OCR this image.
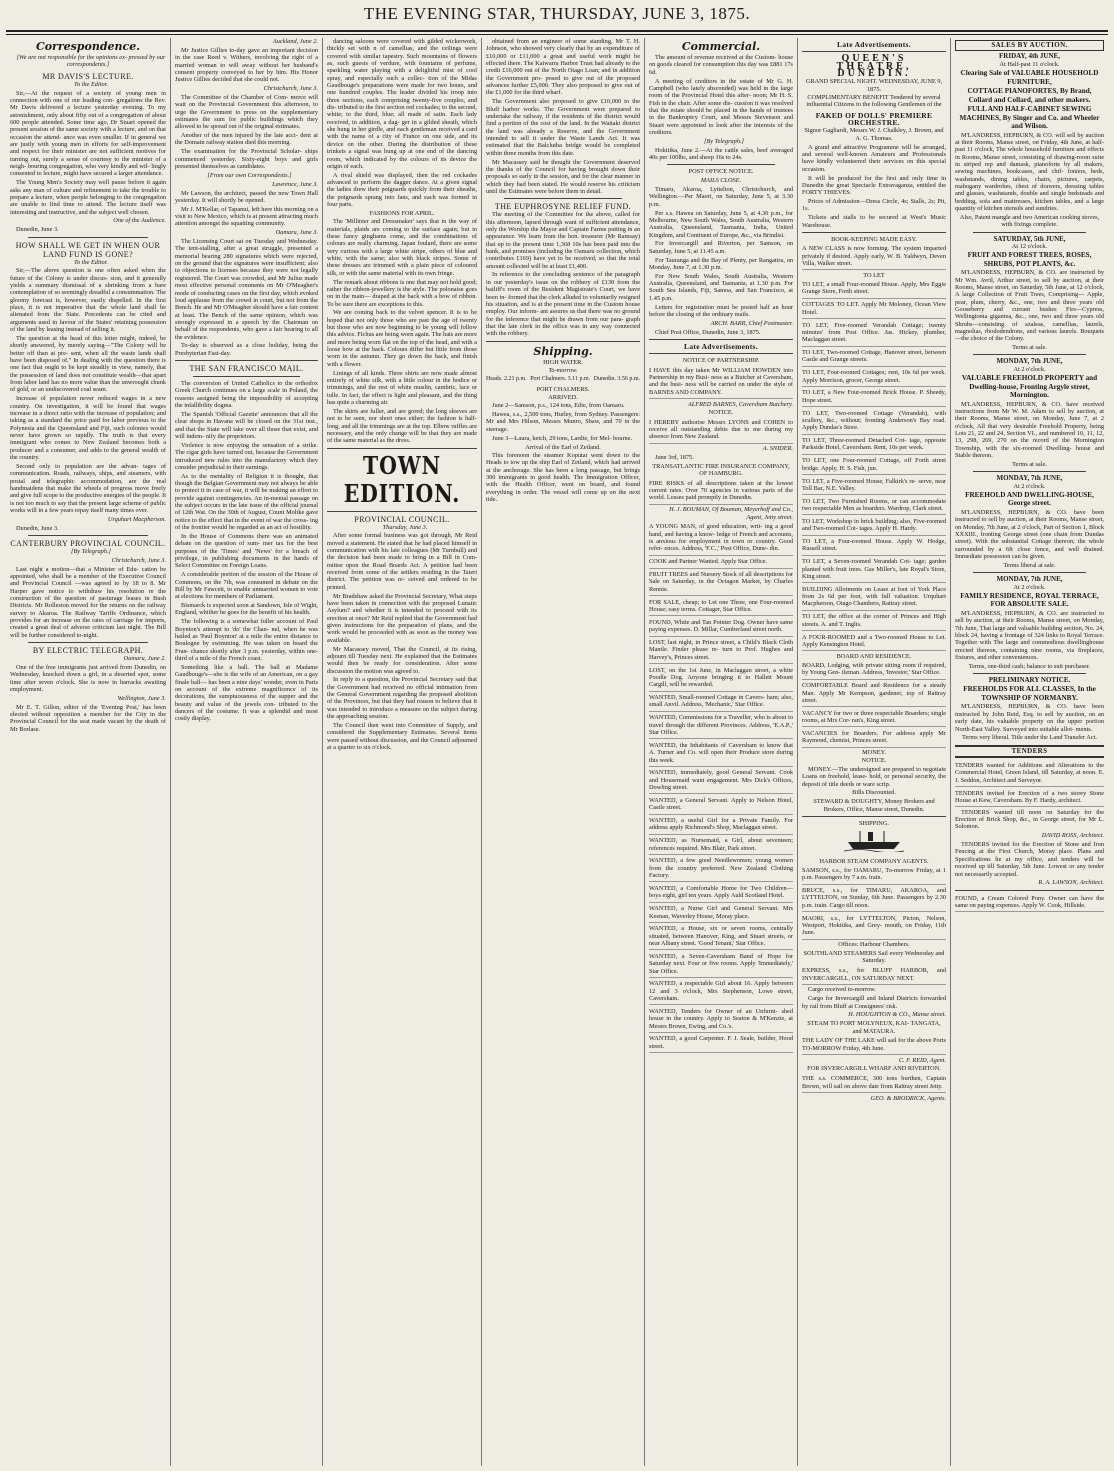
THE EVENING STAR, THURSDAY, JUNE 3, 1875.
Correspondence.

[We are not responsible for the opinions ex- pressed by our correspondents.]

MR DAVIS'S LECTURE.

To the Editor.

Sir,—At the request of a society of young men in connection with one of our leading con- gregations the Rev. Mr Davis delivered a lecture yesterday evening. To my astonishment, only about fifty out of a congregation of about 600 people attended. Some time ago, Dr Stuart opened the present session of the same society with a lecture, and on that occasion the attend- ance was even smaller. If in general we are justly with young men in efforts for self-improvement and respect for their minister are not sufficient motives for turning out, surely a sense of courtesy to the minister of a neigh- bouring congregation, who very kindly and wil- lingly consented to lecture, might have secured a larger attendance.

The Young Men's Society may well pause before it again asks any man of culture and refinement to take the trouble to prepare a lecture, when people belonging to the congregation are unable to find time to attend. The lecture itself was interesting and instructive, and the subject well chosen.

One of the Audience.

Dunedin, June 3.

HOW SHALL WE GET IN WHEN OUR LAND FUND IS GONE?

To the Editor.

Sir,—The above question is one often asked when the future of the Colony is under discus- sion, and it generally yields a summary dismissal of a shrinking from a bare contemplation of so seemingly dreadful a consummation. The gloomy forecast is, however, easily dispelled. In the first place, it is not imperative that the whole land shall be alienated from the State. Precedents can be cited and arguments used in favour of the States' retaining possession of the land by leasing instead of selling it.

The question at the head of this letter might, indeed, be shortly answered, by merely saying—"The Colony will be better off than at pre- sent, when all the waste lands shall have been disposed of." In dealing with the question there is one fact that ought to be kept steadily in view, namely, that the possession of land does not constitute wealth—that apart from labor land has no more value than the unwrought chunk of gold, or an undiscovered coal seam.

Increase of population never reduced wages in a new country. On investigation, it will be found that wages increase in a direct ratio with the increase of population; and taking as a standard the price paid for labor previous to the Polynesia and the Queensland and Fiji, such colonies would never have grown so rapidly. The truth is that every immigrant who comes to New Zealand becomes both a producer and a consumer, and adds to the general wealth of the country.

Second only to population are the advan- tages of communication. Roads, railways, ships, and steamers, with postal and telegraphic accommodation, are the real handmaidens that make the wheels of progress move freely and give full scope to the productive energies of the people. It is not too much to say that the present large scheme of public works will in a few years repay itself many times over.

Urquhart Macpherson.

Dunedin, June 3.

CANTERBURY PROVINCIAL COUNCIL.

[By Telegraph.]

Christchurch, June 3.

Last night a motion—that a Minister of Edu- cation be appointed, who shall be a member of the Executive Council and Provincial Council —was agreed to by 18 to 8. Mr Harper gave notice to withdraw his resolution re the construction of the question of pasturage leases in Bush Districts. Mr Rolleston moved for the returns on the railway survey to Akaroa. The Railway Tariffs Ordinance, which provides for an increase on the rates of carriage for imports, created a great deal of adverse criticism last night. The Bill will be further considered to-night.

BY ELECTRIC TELEGRAPH.

Oamaru, June 2.

One of the free immigrants just arrived from Dunedin, on Wednesday, knocked down a girl, in a deserted spot, some time after seven o'clock. She is now in barracks awaiting employment.

Wellington, June 3.

Mr E. T. Gillon, editor of the 'Evening Post,' has been elected without opposition a member for the City in the Provincial Council for the seat made vacant by the death of Mr Borlase.

Auckland, June 2.

Mr Justice Gillies to-day gave an important decision in the case Reed v. Withers, involving the right of a married woman to will away without her husband's consent property conveyed to her by him. His Honor Justice Gillies decided that she could not.

Christchurch, June 3.

The Committee of the Chamber of Com- merce will wait on the Provincial Government this afternoon, to urge the Government to press on the supplementary estimates the sum for public buildings which they allowed to be spread out of the original estimates.

Another of the men injured by the late acci- dent at the Domain railway station died this morning.

The examination for the Provincial Scholar- ships commenced yesterday. Sixty-eight boys and girls presented themselves as candidates.

[From our own Correspondents.]

Lawrence, June 3.

Mr Lawson, the architect, passed the new Town Hall yesterday. It will shortly be opened.

Mr J. M'Kellar, of Tapanui, left here this morning on a visit to New Mexico, which is at present attracting much attention amongst the squatting community.

Oamaru, June 3.

The Licensing Court sat on Tuesday and Wednesday. The tent-stalling, after a great struggle, presented a memorial bearing 280 signatures which were rejected, on the ground that the signatures were insufficient; also to objections to licenses because they were not legally registered. The Court was crowded, and Mr Julius made most effective personal comments on Mr O'Meagher's mode of conducting cases on the first day, which evoked loud applause from the crowd in court, but not from the Bench. He and Mr O'Meagher should have a fair content at least. The Bench of the same opinion, which was strongly expressed in a speech by the Chairman on behalf of the respondents, who gave a fair hearing to all the evidence.

To-day is observed as a close holiday, being the Presbyterian Fast-day.

THE SAN FRANCISCO MAIL.

The conversion of United Catholics to the orthodox Greek Church continues on a large scale in Poland, the reasons assigned being the impossibility of accepting the infallibility dogma.

The Spanish 'Official Gazette' announces that all the clear shops in Havana will be closed on the 31st inst., and that the State will take over all those that exist, and will indem- nify the proprietors.

Violence is now enjoying the sensation of a strike. The cigar girls have turned out, because the Government introduced new rules into the manufactory which they consider prejudicial to their earnings.

As to the mentality of Religion it is thought, that though the Belgian Government may not always be able to protect it in case of war, it will be making an effort to provide against contingencies. An in-mental passage on the subject occurs in the late issue of the official journal of 12th Wat. On the 30th of August, Count Moltke gave notice to the effect that in the event of war the cross- ing of the frontier would be regarded as an act of hostility.

In the House of Commons there was an animated debate on the question of sum- mer tax for the best purposes of the 'Times' and 'News' for a breach of privilege, in publishing documents in the hands of Select Committee on Foreign Loans.

A considerable portion of the session of the House of Commons, on the 7th, was consumed in debate on the Bill by Mr Fawcett, to enable unmarried women to vote at elections for members of Parliament.

Bismarck is expected soon at Sandown, Isle of Wight, England, whither he goes for the benefit of his health.

The following is a somewhat fuller account of Paul Boynton's attempt to 'do' the Chan- nel, when he was hailed as 'Paul Boynton' at a mile the entire distance to Boulogne by swimming. He was taken on board the Fran- chance shortly after 3 p.m. yesterday, within one-third of a mile of the French coast.

Something like a ball. The ball at Madame Gaudbouge's—she is the wife of an American, on a gay finale ball— has been a nine days' wonder, even in Paris on account of the extreme magnificence of its decorations, the sumptuousness of the supper and the beauty and value of the jewels con- tributed to the dancers of the costume. It was a splendid and most costly display.

dancing saloons were covered with gilded wickerwork, thickly set with n of camellias, and the ceilings were covered with similar tapestry. Such mountains of flowers as, such guests of verdure, with fountains of perfume, sparkling water playing with a delightful mist of cool spray, and especially such a collec- tion of the Midas Gaudbouge's preparations were made for two hours, and one hundred couples. The leader divided his troop into three sections, each comprising twenty-five couples, and dis- tributed to the first section red cockades; to the second, white; to the third, blue; all made of satin. Each lady received, in addition, a dag- ger in a gilded sheath, which she hung in her girdle, and each gentleman received a card with the name of a city of France on one side, and its device on the other. During the distribution of these trinkets a signal was hung up at one end of the dancing room, which indicated by the colours of its device the origin of each.

A rival shield was displayed, then the red cockades advanced to perform the dagger dance. At a given signal the ladies drew their poignards quickly from their sheaths, the poignards sprang into fans, and each was formed in four parts.

FASHIONS FOR APRIL.

The 'Millinier and Dressmaker' says that in the way of materials, plaids are coming to the surface again; but in these fancy ginghams come, and the combinations of colours are really charming. Japan foulard, there are some very curious with a large white stripe, others of blue and white, with the same; also with black stripes. Some of these dresses are trimmed with a plain piece of coloured silk, or with the same material with its own fringe.

The remark about ribbons is one that may not hold good; rather the ribbon-jewellery is the style. The polonaise goes on in the main— draped at the back with a bow of ribbon. To be sure there are exceptions to this.

We are coming back to the velvet spencer. It is to be hoped that not only those who are past the age of twenty but those who are now beginning to be young will follow this advice. Fichus are being worn again. The hats are more and more being worn flat on the top of the head, and with a loose bow at the back. Colours differ but little from those worn in the autumn. They go down the back, and finish with a flower.

Linings of all kinds. Three shirts are now made almost entirely of white silk, with a little colour in the bodice or trimmings, and the rest of white muslin, cambric, lace or tulle. In fact, the effect is light and pleasant, and the thing has quite a charming air.

The skirts are fuller, and are gored; the long sleeves are not to be seen, nor short ones either; the fashion is half-long, and all the trimmings are at the top. Elbow ruffles are necessary, and the only change will be that they are made of the same material as the dress.

TOWN EDITION.
PROVINCIAL COUNCIL.

Thursday, June 3.

After some formal business was got through, Mr Reid moved a statement. He stated that he had placed himself in communication with his late colleagues (Mr Turnbull) and the decision had been made to bring in a Bill in Com- mittee upon the Road Boards Act. A petition had been received from some of the settlers residing in the Taieri district. The petition was re- ceived and ordered to be printed.

Mr Bradshaw asked the Provincial Secretary, What steps have been taken in connection with the proposed Lunatic Asylum? and whether it is intended to proceed with its erection at once? Mr Reid replied that the Government had given instructions for the preparation of plans, and the work would be proceeded with as soon as the money was available.

Mr Macassey moved, That the Council, at its rising, adjourn till Tuesday next. He explained that the Estimates would then be ready for consideration. After some discussion the motion was agreed to.

In reply to a question, the Provincial Secretary said that the Government had received no official intimation from the General Government regarding the proposed abolition of the Provinces, but that they had reason to believe that it was intended to introduce a measure on the subject during the approaching session.

The Council then went into Committee of Supply, and considered the Supplementary Estimates. Several items were passed without discussion, and the Council adjourned at a quarter to six o'clock.

obtained from an engineer of some standing, Mr T. H. Johnson, who showed very clearly that by an expenditure of £10,000 or £11,000 a great and useful work might be effected there. The Kaiwarra Harbor Trust had already to the credit £16,000 out of the North Otago Loan; and in addition the Government pro- posed to give out of the proposed advances further £5,000. They also proposed to give out of the £1,000 for the third wharf.

The Government also proposed to give £10,000 to the Bluff harbor works. The Government were prepared to undertake the railway, if the residents of the district would find a portion of the cost of the land. In the Waitaki district the land was already a Reserve, and the Government intended to sell it under the Waste Lands Act. It was estimated that the Balclutha bridge would be completed within three months from this date.

Mr Macassey said he thought the Government deserved the thanks of the Council for having brought down their proposals so early in the session, and for the clear manner in which they had been stated. He would reserve his criticism until the Estimates were before them in detail.

THE EUPHROSYNE RELIEF FUND.

The meeting of the Committee for the above, called for this afternoon, lapsed through want of sufficient attendance, only the Worship the Mayor and Captain Farme putting in an appearance. We learn from the hon. treasurer (Mr Ramsay) that up to the present time 1,368 10s has been paid into the bank, and promises (including the Oamaru collection, which contributes £169) have yet to be received, so that the total amount collected will be at least £1,400.

In reference to the concluding sentence of the paragraph in our yesterday's issue on the robbery of £130 from the bailiff's room of the Resident Magistrate's Court, we have been in- formed that the clerk alluded to voluntarily resigned his situation, and is at the present time in the Custom house employ. Our inform- ant assures us that there was no ground for the inference that might be drawn from our para- graph that the late clerk in the office was in any way connected with the robbery.

Shipping.
HIGH WATER.
To-morrow.
Heads. 2.21 p.m. Port Chalmers. 3.11 p.m. Dunedin. 3.56 p.m.
PORT CHALMERS.
ARRIVED.

June 2—Samson, p.s., 124 tons, Edie, from Oamaru.

Hawea, s.s., 2,500 tons, Hurley, from Sydney. Passengers: Mr and Mrs Hilson, Messrs Munro, Shaw, and 70 in the steerage.

June 3—Laura, ketch, 29 tons, Lardie, for Mel- bourne.

Arrival of the Earl of Zetland.

This forenoon the steamer Koputai went down to the Heads to tow up the ship Earl of Zetland, which had arrived at the anchorage. She has been a long passage, but brings 300 immigrants in good health. The Immigration Officer, with the Health Officer, went on board, and found everything in order. The vessel will come up on the next tide.

Commercial.

The amount of revenue received at the Custom- house on goods cleared for consumption this day was £881 17s 6d.

A meeting of creditors in the estate of Mr G. H. Campbell (who lately absconded) was held in the large room of the Provincial Hotel this after- noon; Mr H. S. Fish in the chair. After some dis- cussion it was resolved that the estate should be placed in the hands of trustees in the Bankruptcy Court, and Messrs Stevenson and Stuart were appointed to look after the interests of the creditors.

[By Telegraph.]

Hokitika, June 2.—At the cattle sales, beef averaged 40s per 100lbs, and sheep 16s to 24s.

POST OFFICE NOTICE.
MAILS CLOSE.

Timaru, Akaroa, Lyttelton, Christchurch, and Wellington.—Per Maori, on Saturday, June 5, at 3.30 p.m.

Per s.s. Hawea on Saturday, June 5, at 4.30 p.m., for Melbourne, New South Wales, South Australia, Western Australia, Queensland, Tasmania, India, United Kingdom, and Continent of Europe, &c., via Brindisi.

For Invercargill and Riverton, per Samson, on Saturday, June 5, at 11.45 a.m.

For Tauranga and the Bay of Plenty, per Rangatira, on Monday, June 7, at 1.30 p.m.

For New South Wales, South Australia, Western Australia, Queensland, and Tasmania, at 1.30 p.m. For South Sea Islands, Fiji, Samoa, and San Francisco, at 1.45 p.m.

Letters for registration must be posted half an hour before the closing of the ordinary mails.

ARCH. BARR, Chief Postmaster.

Chief Post Office, Dunedin, June 3, 1875.

Late Advertisements.
NOTICE OF PARTNERSHIP.

I HAVE this day taken Mr WILLIAM HOWDEN into Partnership in my Busi- ness as a Butcher at Caversham, and the busi- ness will be carried on under the style of BARNES AND COMPANY.

ALFRED BARNES, Caversham Butchery.

NOTICE.

I HEREBY authorise Messrs LYONS and COHEN to receive all outstanding debts due to me during my absence from New Zealand.

A. SNIDER.

June 3rd, 1875.

TRANSATLANTIC FIRE INSURANCE COMPANY, OF HAMBURG.

FIRE RISKS of all descriptions taken at the lowest current rates. Over 70 agencies in various parts of the world. Losses paid promptly in Dunedin.

H. J. BOUMAN, Of Bouman, Meyerhoff and Co., Agent, Jetty street.

A YOUNG MAN, of good education, writ- ing a good hand, and having a know- ledge of French and accounts, is anxious for employment in town or country. Good refer- ences. Address, 'F.C.,' Post Office, Dune- din.

COOK and Partner Wanted. Apply Star Office.

FRUIT TREES and Nursery Stock of all descriptions for Sale on Saturday, in the Octagon Market, by Charles Rennie.

FOR SALE, cheap; to Let one Three, one Four-roomed House; easy terms. Cottager, Star Office.

FOUND, White and Tan Pointer Dog. Owner have same paying expenses. D. Millar, Cumberland street north.

LOST, last night, in Prince street, a Child's Black Cloth Mantle. Finder please re- turn to Prof. Hughes and Harvey's, Princes street.

LOST, on the 1st June, in Maclaggan street, a white Poodle Dog. Anyone bringing it to Hallett Mount Cargill, will be rewarded.

WANTED, Small-roomed Cottage in Cavers- ham; also, small Anvil. Address, 'Mechanic,' Star Office.

WANTED, Commissions for a Traveller, who is about to travel through the different Provinces. Address, 'E.A.P.,' Star Office.

WANTED, the Inhabitants of Caversham to know that A. Turner and Co. will open their Produce store during this week.

WANTED, immediately, good General Servant. Cook and Housemaid want engagement. Mrs Dick's Offices, Dowling street.

WANTED, a General Servant. Apply to Nelson Hotel, Castle street.

WANTED, a useful Girl for a Private Family. For address apply Richmond's Shop, Maclaggan street.

WANTED, as Nursemaid, a Girl, about seventeen; references required. Mrs Blair, Park street.

WANTED, a few good Needlewomen; young women from the country preferred. New Zealand Clothing Factory.

WANTED, a Comfortable Home for Two Children—boys eight, girl ten years. Apply Auld Scotland Hotel.

WANTED, a Nurse Girl and General Servant. Mrs Keenan, Waverley House, Moray place.

WANTED, a House, six or seven rooms, centrally situated, between Hanover, King, and Stuart streets, or near Albany street. 'Good Tenant,' Star Office.

WANTED, a Seven-Caversham Band of Hope for Saturday next. Four or five rooms. Apply 'Immediately,' Star Office.

WANTED, a respectable Girl about 16. Apply between 12 and 3 o'clock, Mrs Stephenson, Lowe street, Caversham.

WANTED, Tenders for Owner of an Unfurni- shed house in the country. Apply to Seaton & M'Kenzie, at Messrs Brown, Ewing, and Co.'s.

WANTED, a good Carpenter. F. J. Seale, builder, Hood street.

Late Advertisements.
QUEEN'S THEATRE, DUNEDIN.
GRAND SPECIAL NIGHT. WEDNESDAY, JUNE 9, 1875.
COMPLIMENTARY BENEFIT Tendered by several influential Citizens to the following Gentlemen of the
FAKED OF DOLLS' PREMIERE ORCHESTRE.

Signor Gagliardi, Messrs W. J. Chalkley, J. Brown, and A. G. Thomas.

A grand and attractive Programme will be arranged, and several well-known Amateurs and Professionals have kindly volunteered their services on this special occasion.

It will be produced for the first and only time in Dunedin the great Spectacle Extravaganza, entitled the FORTY THIEVES.

Prices of Admission—Dress Circle, 4s; Stalls, 2s; Pit, 1s.

Tickets and stalls to be secured at West's Music Warehouse.

BOOK-KEEPING MADE EASY.

A NEW CLASS is now forming. The system imparted privately if desired. Apply early, W. B. Yaldwyn, Deven Villa, Walker street.

TO LET

TO LET, a small Four-roomed House. Apply, Mrs Eggie Grange Store, Forth street.

COTTAGES TO LET. Apply Mr Moloney, Ocean View Hotel.

TO LET, Five-roomed Verandah Cottage; twenty minutes' from Post Office. Jas. Hickey, plumber, Maclaggan street.

TO LET, Two-roomed Cottage, Hanover street, between Castle and Grange streets.

TO LET, Four-roomed Cottages; rent, 10s 6d per week. Apply Morrison, grocer, George street.

TO LET, a New Four-roomed Brick House. P. Sheedy, Hope street.

TO LET, Two-roomed Cottage (Verandah), with scullery, &c., without; fronting Anderson's Bay road. Apply Dundas's Store.

TO LET, Three-roomed Detached Cot- tage, opposite Parkside Hotel, Caversham. Rent, 10s per week.

TO LET, one Four-roomed Cottage, off Forth street bridge. Apply, H. S. Fish, jun.

TO LET, a Five-roomed House, Falkirk's re- serve, near Toll Bar, N.E. Valley.

TO LET, Two Furnished Rooms, or can accommodate two respectable Men as boarders. Wardrop, Clark street.

TO LET, Workshop in brick building; also, Five-roomed and Two-roomed Cot- tages. Apply H. Hardy.

TO LET, a Four-roomed House. Apply W. Hodge, Russell street.

TO LET, a Seven-roomed Verandah Cot- tage; garden planted with fruit trees. Gas Miller's, late Royal's Store, King street.

BUILDING Allotments on Lease at foot of York Place from 2s 6d per foot, with full valuation. Urquhart Macpherson, Otago Chambers, Rattray street.

TO LET, the office at the corner of Princes and High streets. A. and T. Inglis.

A FOUR-ROOMED and a Two-roomed House to Let. Apply Kensington Hotel.

BOARD AND RESIDENCE.

BOARD, Lodging, with private sitting room if required, by Young Gen- tleman. Address, 'Investor,' Star Office.

COMFORTABLE Board and Residence for a steady Man. Apply Mr Kempson, gardener, top of Rattray street.

VACANCY for two or three respectable Boarders; single rooms, at Mrs Cor- ran's, King street.

VACANCIES for Boarders. For address apply Mr Raymond, chemist, Princes street.

MONEY.
NOTICE.

MONEY.—The undersigned are prepared to negotiate Loans on freehold, lease- hold, or personal security, the deposit of title deeds or ware scrip.

Bills Discounted.

STEWARD & DOUGHTY, Money Brokers and Brokers, Office, Manse street, Dunedin.

SHIPPING.
HARBOR STEAM COMPANY AGENTS.

SAMSON, s.s., for OAMARU, To-morrow Friday, at 1 p.m. Passengers by 7 a.m. train.

BRUCE, s.s., for TIMARU, AKAROA, and LYTTELTON, on Sunday, 6th June. Passengers by 2.30 p.m. train. Cargo till noon.

MAORI, s.s., for LYTTELTON, Picton, Nelson, Westport, Hokitika, and Grey- mouth, on Friday, 11th June.

Offices: Harbour Chambers.

SOUTHLAND STEAMERS Sail every Wednesday and Saturday.

EXPRESS, s.s., for BLUFF HARBOR, and INVERCARGILL, ON SATURDAY NEXT.

Cargo received to-morrow.

Cargo for Invercargill and Inland Districts forwarded by rail from Bluff at Consignees' risk.

H. HOUGHTON & CO., Manse street.

STEAM TO PORT MOLYNEUX, KAI- TANGATA, and MATAURA.

THE LADY OF THE LAKE will sail for the above Ports TO-MORROW Friday, 4th June.

C. F. REID, Agent.

FOR INVERCARGILL WHARF AND RIVERTON.

THE s.s. COMMERCE, 300 tons burthen, Captain Brown, will sail on above date from Rattray street Jetty.

GEO. & BRODRICK, Agents.

SALES BY AUCTION.
FRIDAY, 4th JUNE,
At Half-past 11 o'clock.
Clearing Sale of VALUABLE HOUSEHOLD FURNITURE,
COTTAGE PIANOFORTES, By Brand, Collard and Collard, and other makers.
FULL AND HALF-CABINET SEWING MACHINES, By Singer and Co. and Wheeler and Wilson.

M'LANDRESS, HEPBURN, & CO. will sell by auction at their Rooms, Manse street, on Friday, 4th June, at half-past 11 o'clock, The whole household furniture and effects in Rooms, Manse street, consisting of drawing-room suite in striped rep and damask, pianoforte by all makers, sewing machines, bookcases, and chif- foniers, beds, washstands, dining tables, chairs, pictures, carpets, mahogany wardrobes, chest of drawers, dressing tables and glasses, washstands, double and single bedsteads and bedding, sofa and mattresses, kitchen tables, and a large quantity of kitchen utensils and sundries.

Also, Patent mangle and two American cooking stoves, with fixings complete.

SATURDAY, 5th JUNE,
At 12 o'clock.
FRUIT AND FOREST TREES, ROSES, SHRUBS, POT PLANTS, &c.

M'LANDRESS, HEPBURN, & CO. are instructed by Mr Wm. Avril, Arthur street, to sell by auction, at their Rooms, Manse street, on Saturday, 5th June, at 12 o'clock, A large Collection of Fruit Trees, Comprising— Apple, pear, plum, cherry, &c., one, two and three years old Gooseberry and currant bushes Firs—Cypress, Wellingtonia gigantea, &c., one, two and three years old Shrubs—consisting of azaleas, camellias, laurels, magnolias, rhododendrons, and various laurels. Bouquets—the choice of the Colony.

Terms at sale.

MONDAY, 7th JUNE,
At 2 o'clock.
VALUABLE FREEHOLD PROPERTY and Dwelling-house, Fronting Argyle street, Mornington.

M'LANDRESS, HEPBURN, & CO. have received instructions from Mr W. M. Adam to sell by auction, at their Rooms, Manse street, on Monday, June 7, at 2 o'clock, All that very desirable Freehold Property, being Lots 21, 22 and 24, Section VI., and numbered 10, 11, 12, 13, 298, 269, 270 on the record of the Mornington Township, with the six-roomed Dwelling- house and Stable thereon.

Terms at sale.

MONDAY, 7th JUNE,
At 2 o'clock.
FREEHOLD AND DWELLING-HOUSE, George street.

M'LANDRESS, HEPBURN, & CO. have been instructed to sell by auction, at their Rooms, Manse street, on Monday, 7th June, at 2 o'clock, Part of Section 1, Block XXXIII., fronting George street (one chain from Dundas street). With the substantial Cottage thereon; the whole surrounded by a 6ft close fence, and well drained. Immediate possession can be given.

Terms liberal at sale.

MONDAY, 7th JUNE,
At 2 o'clock.
FAMILY RESIDENCE, ROYAL TERRACE, FOR ABSOLUTE SALE.

M'LANDRESS, HEPBURN, & CO. are instructed to sell by auction, at their Rooms, Manse street, on Monday, 7th June, That large and valuable building section, No. 24, block 24, having a frontage of 324 links to Royal Terrace. Together with The large and commodious dwellinghouse erected thereon, containing nine rooms, via fireplaces, fixtures, and other conveniences.

Terms, one-third cash; balance to suit purchaser.

PRELIMINARY NOTICE.
FREEHOLDS FOR ALL CLASSES, In the TOWNSHIP OF NORMANBY.

M'LANDRESS, HEPBURN, & CO. have been instructed by John Reid, Esq. to sell by auction, on an early date, his valuable property on the upper portion North-East Valley. Surveyed into suitable allot- ments.

Terms very liberal. Title under the Land Transfer Act.

TENDERS

TENDERS wanted for Additions and Alterations to the Commercial Hotel, Green Island, till Saturday, at noon. E. J. Seddon, Architect and Surveyor.

TENDERS invited for Erection of a two storey Stone House at Kew, Caversham. By F. Hardy, architect.

TENDERS wanted till noon on Saturday for the Erection of Brick Shop, &c., in George street, for Mr L. Solomon.

DAVID ROSS, Architect.

TENDERS invited for the Erection of Stone and Iron Fencing at the First Church, Moray place. Plans and Specifications lie at my office, and tenders will be received up till Saturday, 5th June. Lowest or any tender not necessarily accepted.

R. A. LAWSON, Architect.

FOUND, a Cream Colored Pony. Owner can have the same on paying expenses. Apply W. Cook, Hillside.
